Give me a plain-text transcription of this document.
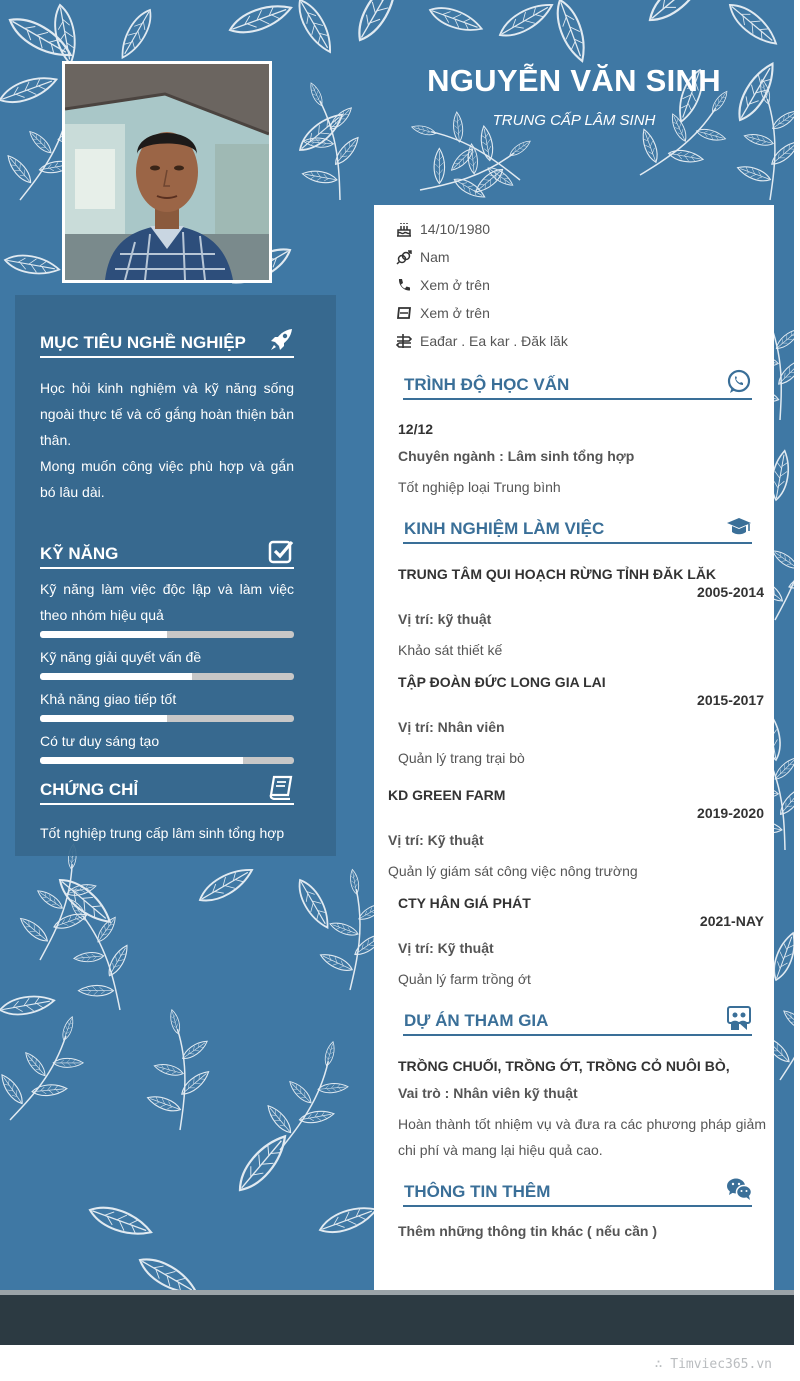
NGUYỄN VĂN SINH
TRUNG CẤP LÂM SINH
MỤC TIÊU NGHỀ NGHIỆP
Học hỏi kinh nghiệm và kỹ năng sống ngoài thực tế và cố gắng hoàn thiện bản thân.
Mong muốn công việc phù hợp và gắn bó lâu dài.
KỸ NĂNG
Kỹ năng làm việc độc lập và làm việc theo nhóm hiệu quả
Kỹ năng giải quyết vấn đề
Khả năng giao tiếp tốt
Có tư duy sáng tạo
CHỨNG CHỈ
Tốt nghiệp trung cấp lâm sinh tổng hợp
14/10/1980
Nam
Xem ở trên
Xem ở trên
Eađar . Ea kar . Đăk lăk
TRÌNH ĐỘ HỌC VẤN
12/12
Chuyên ngành : Lâm sinh tổng hợp
Tốt nghiệp loại Trung bình
KINH NGHIỆM LÀM VIỆC
TRUNG TÂM QUI HOẠCH RỪNG TỈNH ĐĂK LĂK
2005-2014
Vị trí: kỹ thuật
Khảo sát thiết kế
TẬP ĐOÀN ĐỨC LONG GIA LAI
2015-2017
Vị trí: Nhân viên
Quản lý trang trại bò
KD GREEN FARM
2019-2020
Vị trí: Kỹ thuật
Quản lý giám sát công việc nông trường
CTY HÂN GIÁ PHÁT
2021-NAY
Vị trí: Kỹ thuật
Quản lý farm trồng ớt
DỰ ÁN THAM GIA
TRỒNG CHUỐI, TRỒNG ỚT, TRỒNG CỎ NUÔI BÒ,
Vai trò : Nhân viên kỹ thuật
Hoàn thành tốt nhiệm vụ và đưa ra các phương pháp giảm chi phí và mang lại hiệu quả cao.
THÔNG TIN THÊM
Thêm những thông tin khác ( nếu cần )
∴ Timviec365.vn
